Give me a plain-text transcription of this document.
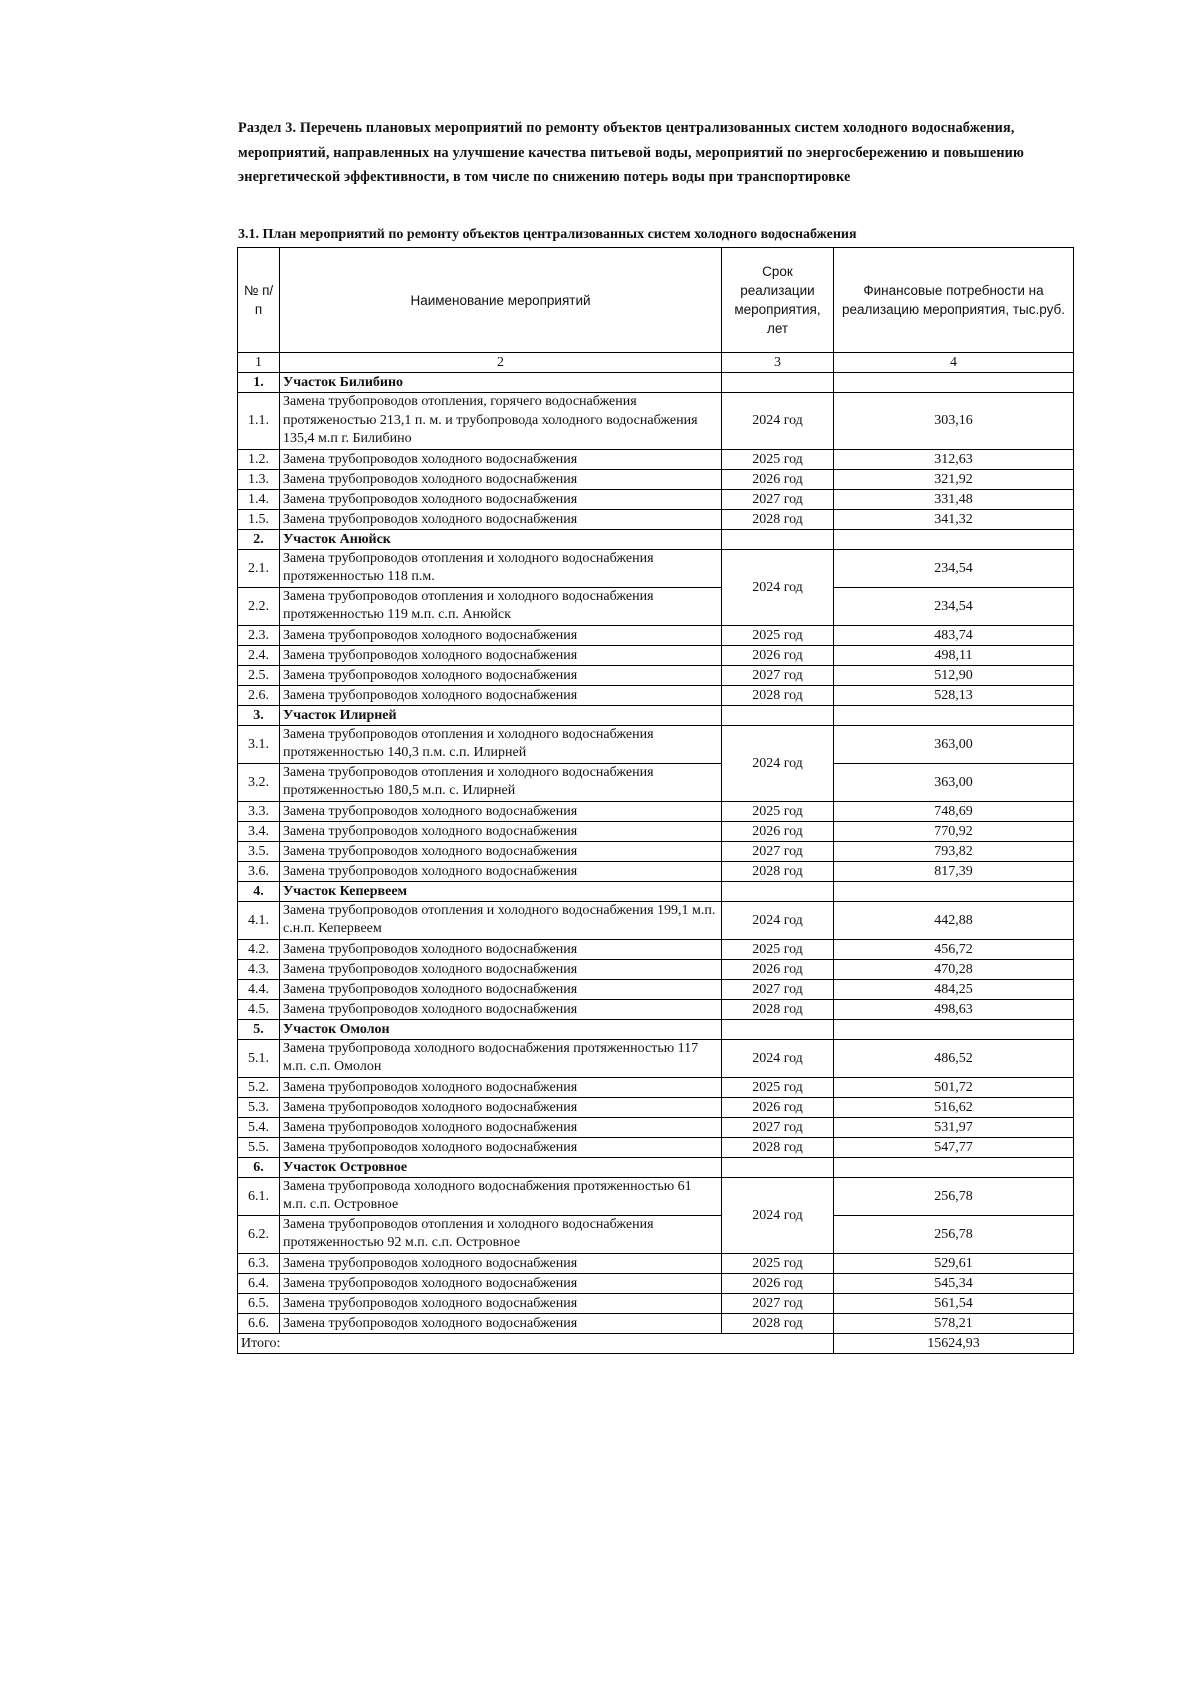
Раздел 3. Перечень плановых мероприятий по ремонту объектов централизованных систем холодного водоснабжения, мероприятий, направленных на улучшение качества питьевой воды, мероприятий по энергосбережению и повышению энергетической эффективности, в том числе по снижению потерь воды при транспортировке
3.1. План мероприятий по ремонту объектов централизованных систем холодного водоснабжения
№ п/п	Наименование мероприятий	Срок реализации мероприятия, лет	Финансовые потребности на реализацию мероприятия, тыс.руб.
1	2	3	4
1.	Участок Билибино		
1.1.	Замена трубопроводов отопления, горячего водоснабжения протяженостью 213,1 п. м. и трубопровода холодного водоснабжения 135,4 м.п г. Билибино	2024 год	303,16
1.2.	Замена трубопроводов холодного водоснабжения	2025 год	312,63
1.3.	Замена трубопроводов холодного водоснабжения	2026 год	321,92
1.4.	Замена трубопроводов холодного водоснабжения	2027 год	331,48
1.5.	Замена трубопроводов холодного водоснабжения	2028 год	341,32
2.	Участок Анюйск		
2.1.	Замена трубопроводов отопления и холодного водоснабжения протяженностью 118 п.м.	2024 год	234,54
2.2.	Замена трубопроводов отопления и холодного водоснабжения протяженностью 119 м.п. с.п. Анюйск		234,54
2.3.	Замена трубопроводов холодного водоснабжения	2025 год	483,74
2.4.	Замена трубопроводов холодного водоснабжения	2026 год	498,11
2.5.	Замена трубопроводов холодного водоснабжения	2027 год	512,90
2.6.	Замена трубопроводов холодного водоснабжения	2028 год	528,13
3.	Участок Илирней		
3.1.	Замена трубопроводов отопления и холодного водоснабжения протяженностью 140,3 п.м. с.п. Илирней	2024 год	363,00
3.2.	Замена трубопроводов отопления и холодного водоснабжения протяженностью 180,5 м.п. с. Илирней		363,00
3.3.	Замена трубопроводов холодного водоснабжения	2025 год	748,69
3.4.	Замена трубопроводов холодного водоснабжения	2026 год	770,92
3.5.	Замена трубопроводов холодного водоснабжения	2027 год	793,82
3.6.	Замена трубопроводов холодного водоснабжения	2028 год	817,39
4.	Участок Кепервеем		
4.1.	Замена трубопроводов отопления и холодного водоснабжения 199,1 м.п. с.н.п. Кепервеем	2024 год	442,88
4.2.	Замена трубопроводов холодного водоснабжения	2025 год	456,72
4.3.	Замена трубопроводов холодного водоснабжения	2026 год	470,28
4.4.	Замена трубопроводов холодного водоснабжения	2027 год	484,25
4.5.	Замена трубопроводов холодного водоснабжения	2028 год	498,63
5.	Участок Омолон		
5.1.	Замена трубопровода холодного водоснабжения протяженностью 117 м.п. с.п. Омолон	2024 год	486,52
5.2.	Замена трубопроводов холодного водоснабжения	2025 год	501,72
5.3.	Замена трубопроводов холодного водоснабжения	2026 год	516,62
5.4.	Замена трубопроводов холодного водоснабжения	2027 год	531,97
5.5.	Замена трубопроводов холодного водоснабжения	2028 год	547,77
6.	Участок Островное		
6.1.	Замена трубопровода холодного водоснабжения протяженностью 61 м.п. с.п. Островное	2024 год	256,78
6.2.	Замена трубопроводов отопления и холодного водоснабжения протяженностью 92 м.п. с.п. Островное		256,78
6.3.	Замена трубопроводов холодного водоснабжения	2025 год	529,61
6.4.	Замена трубопроводов холодного водоснабжения	2026 год	545,34
6.5.	Замена трубопроводов холодного водоснабжения	2027 год	561,54
6.6.	Замена трубопроводов холодного водоснабжения	2028 год	578,21
Итого:			15624,93
